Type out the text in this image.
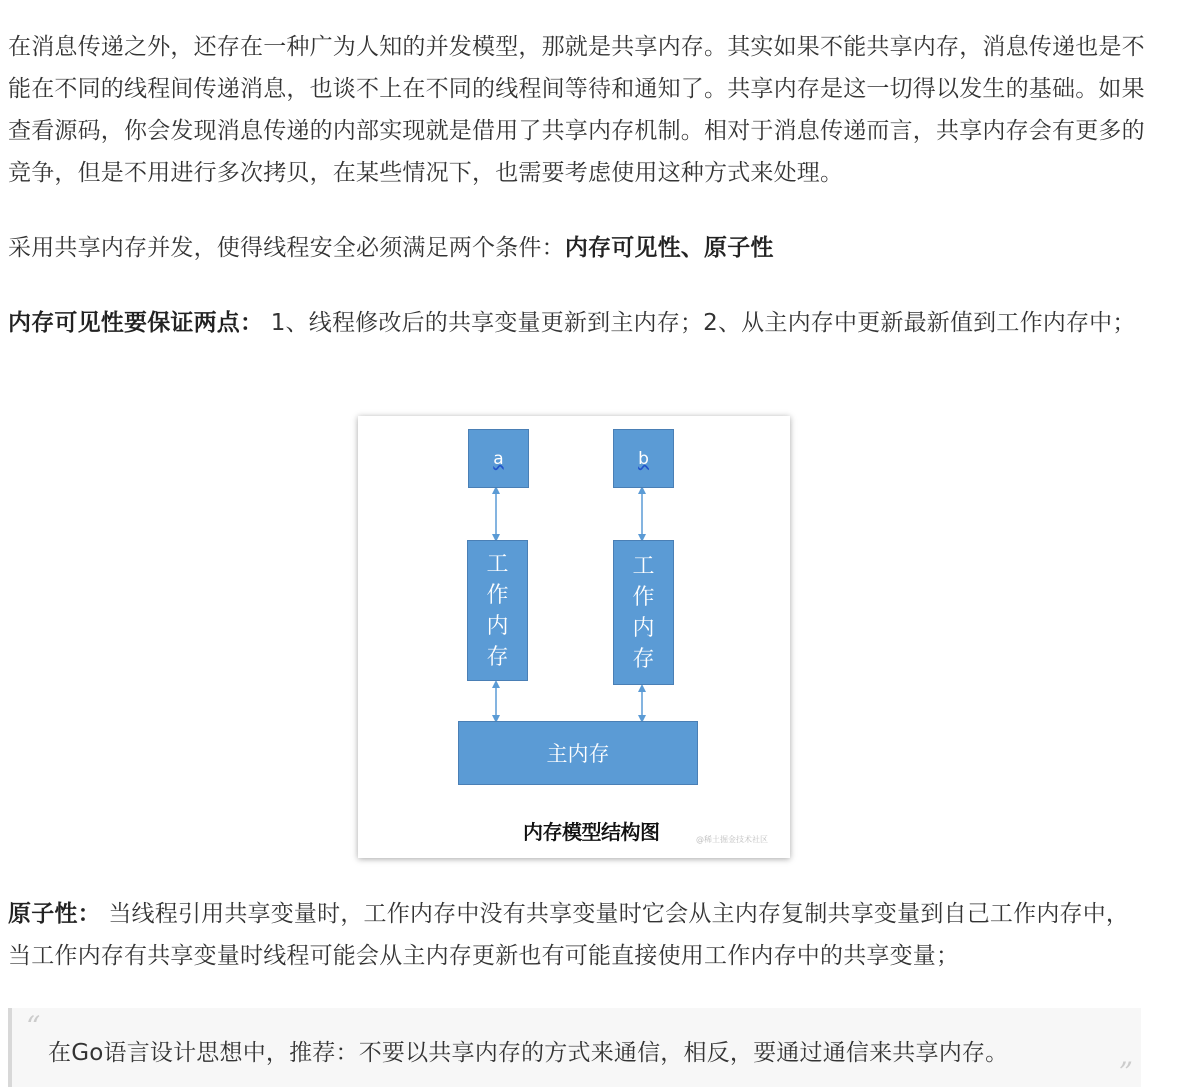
在消息传递之外，还存在一种广为人知的并发模型，那就是共享内存。其实如果不能共享内存，消息传递也是不能在不同的线程间传递消息，也谈不上在不同的线程间等待和通知了。共享内存是这一切得以发生的基础。如果查看源码，你会发现消息传递的内部实现就是借用了共享内存机制。相对于消息传递而言，共享内存会有更多的竞争，但是不用进行多次拷贝，在某些情况下，也需要考虑使用这种方式来处理。

采用共享内存并发，使得线程安全必须满足两个条件：内存可见性、原子性

内存可见性要保证两点： 1、线程修改后的共享变量更新到主内存；2、从主内存中更新最新值到工作内存中；

a	b
工
作
内
存
工
作
内
存
主内存
内存模型结构图	@稀土掘金技术社区

原子性： 当线程引用共享变量时，工作内存中没有共享变量时它会从主内存复制共享变量到自己工作内存中，当工作内存有共享变量时线程可能会从主内存更新也有可能直接使用工作内存中的共享变量；

“
在Go语言设计思想中，推荐：不要以共享内存的方式来通信，相反，要通过通信来共享内存。
”
